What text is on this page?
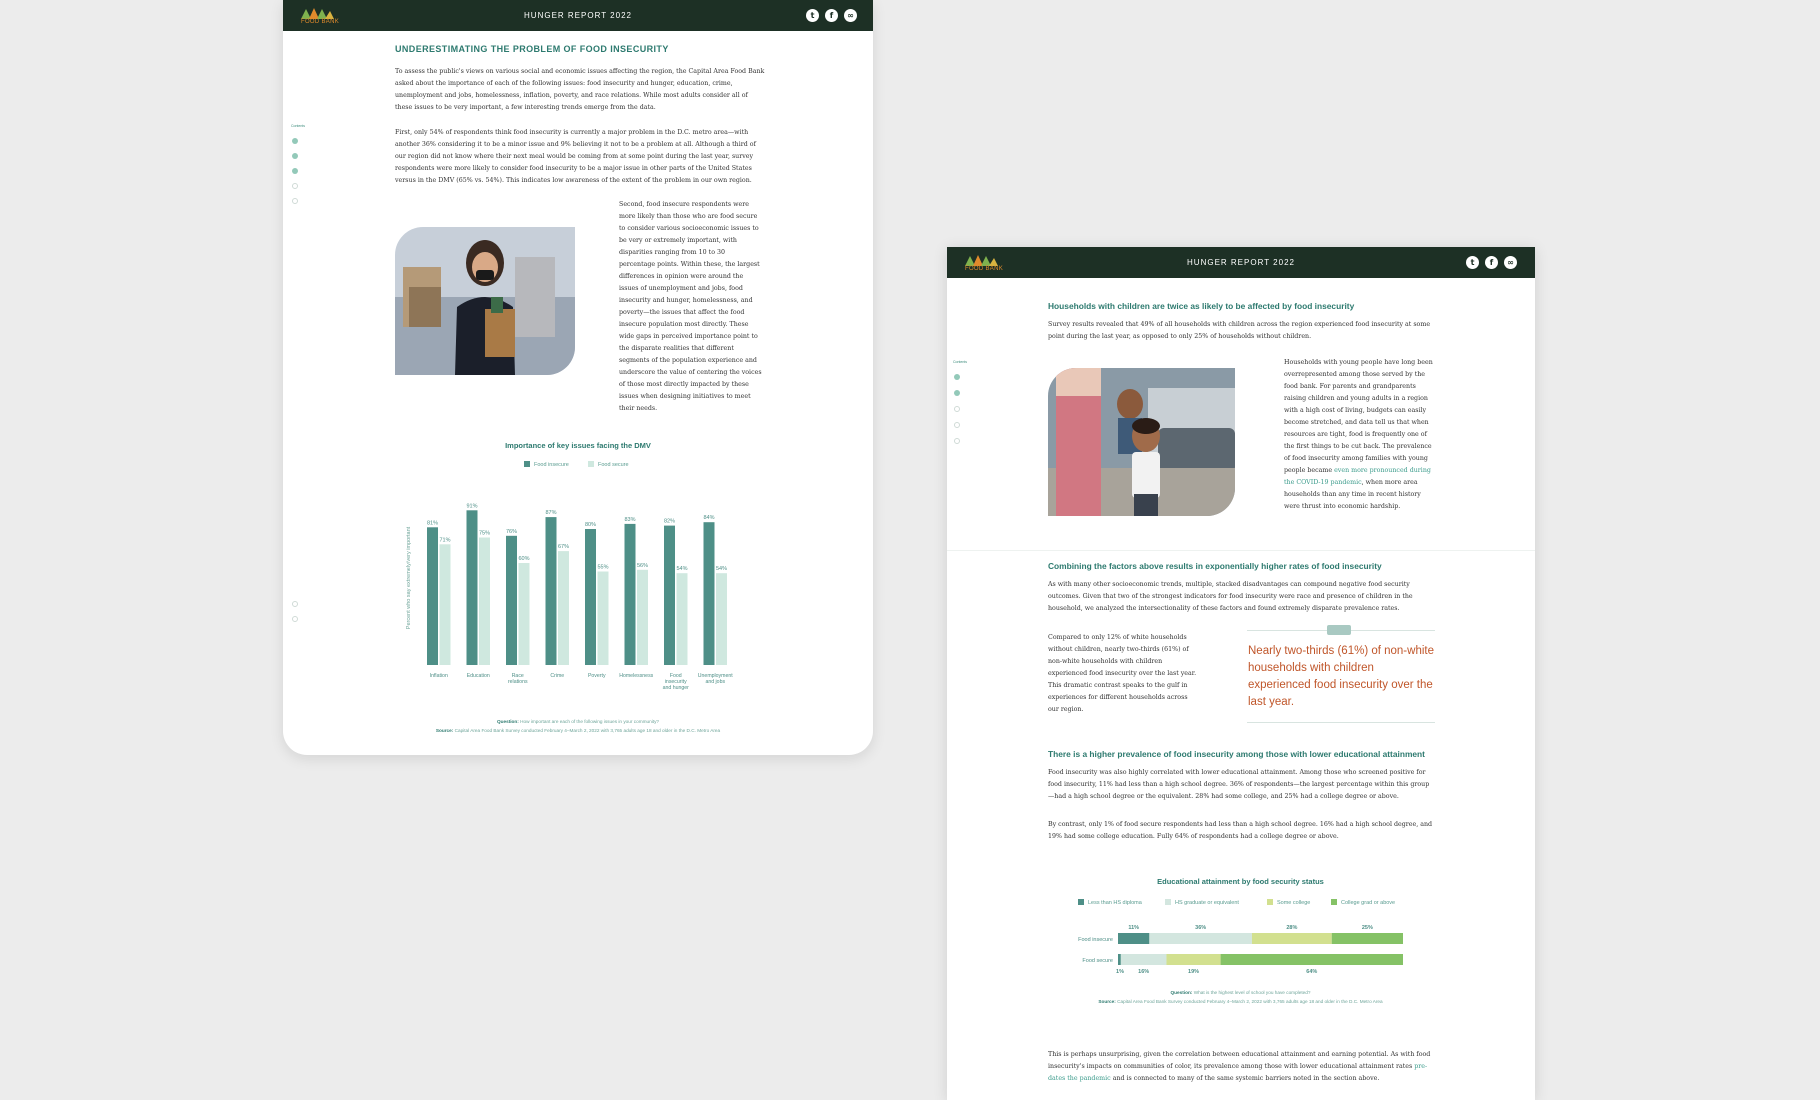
FOOD BANK
HUNGER REPORT 2022	t	f	∞
Contents
UNDERESTIMATING THE PROBLEM OF FOOD INSECURITY

To assess the public's views on various social and economic issues affecting the region, the Capital Area Food Bank asked about the importance of each of the following issues: food insecurity and hunger, education, crime, unemployment and jobs, homelessness, inflation, poverty, and race relations. While most adults consider all of these issues to be very important, a few interesting trends emerge from the data.

First, only 54% of respondents think food insecurity is currently a major problem in the D.C. metro area—with another 36% considering it to be a minor issue and 9% believing it not to be a problem at all. Although a third of our region did not know where their next meal would be coming from at some point during the last year, survey respondents were more likely to consider food insecurity to be a major issue in other parts of the United States versus in the DMV (65% vs. 54%). This indicates low awareness of the extent of the problem in our own region.

Second, food insecure respondents were more likely than those who are food secure to consider various socioeconomic issues to be very or extremely important, with disparities ranging from 10 to 30 percentage points. Within these, the largest differences in opinion were around the issues of unemployment and jobs, food insecurity and hunger, homelessness, and poverty—the issues that affect the food insecure population most directly. These wide gaps in perceived importance point to the disparate realities that different segments of the population experience and underscore the value of centering the voices of those most directly impacted by these issues when designing initiatives to meet their needs.

Importance of key issues facing the DMV
Food insecure	Food secure
Percent who say extremely/very important
81%
71%
Inflation
91%
75%
Education
76%
60%
Race
relations
87%
67%
Crime
80%
55%
Poverty
83%
56%
Homelessness
82%
54%
Food
insecurity
and hunger
84%
54%
Unemployment
and jobs
Question: How important are each of the following issues in your community?
Source: Capital Area Food Bank Survey conducted February 4–March 2, 2022 with 3,765 adults age 18 and older in the D.C. Metro Area
FOOD BANK
HUNGER REPORT 2022	t	f	∞
Contents
Households with children are twice as likely to be affected by food insecurity

Survey results revealed that 49% of all households with children across the region experienced food insecurity at some point during the last year, as opposed to only 25% of households without children.

Households with young people have long been overrepresented among those served by the food bank. For parents and grandparents raising children and young adults in a region with a high cost of living, budgets can easily become stretched, and data tell us that when resources are tight, food is frequently one of the first things to be cut back. The prevalence of food insecurity among families with young people became even more pronounced during the COVID-19 pandemic, when more area households than any time in recent history were thrust into economic hardship.

Combining the factors above results in exponentially higher rates of food insecurity

As with many other socioeconomic trends, multiple, stacked disadvantages can compound negative food security outcomes. Given that two of the strongest indicators for food insecurity were race and presence of children in the household, we analyzed the intersectionality of these factors and found extremely disparate prevalence rates.

Compared to only 12% of white households without children, nearly two-thirds (61%) of non-white households with children experienced food insecurity over the last year. This dramatic contrast speaks to the gulf in experiences for different households across our region.

Nearly two-thirds (61%) of non-white households with children experienced food insecurity over the last year.
There is a higher prevalence of food insecurity among those with lower educational attainment

Food insecurity was also highly correlated with lower educational attainment. Among those who screened positive for food insecurity, 11% had less than a high school degree. 36% of respondents—the largest percentage within this group—had a high school degree or the equivalent. 28% had some college, and 25% had a college degree or above.

By contrast, only 1% of food secure respondents had less than a high school degree. 16% had a high school degree, and 19% had some college education. Fully 64% of respondents had a college degree or above.

Educational attainment by food security status
Less than HS diploma	HS graduate or equivalent	Some college	College grad or above
Food insecure
11%	36%	28%	25%
Food secure
1%	16%	19%	64%
Question: What is the highest level of school you have completed?
Source: Capital Area Food Bank Survey conducted February 4–March 2, 2022 with 3,765 adults age 18 and older in the D.C. Metro Area

This is perhaps unsurprising, given the correlation between educational attainment and earning potential. As with food insecurity's impacts on communities of color, its prevalence among those with lower educational attainment rates pre-dates the pandemic and is connected to many of the same systemic barriers noted in the section above.
